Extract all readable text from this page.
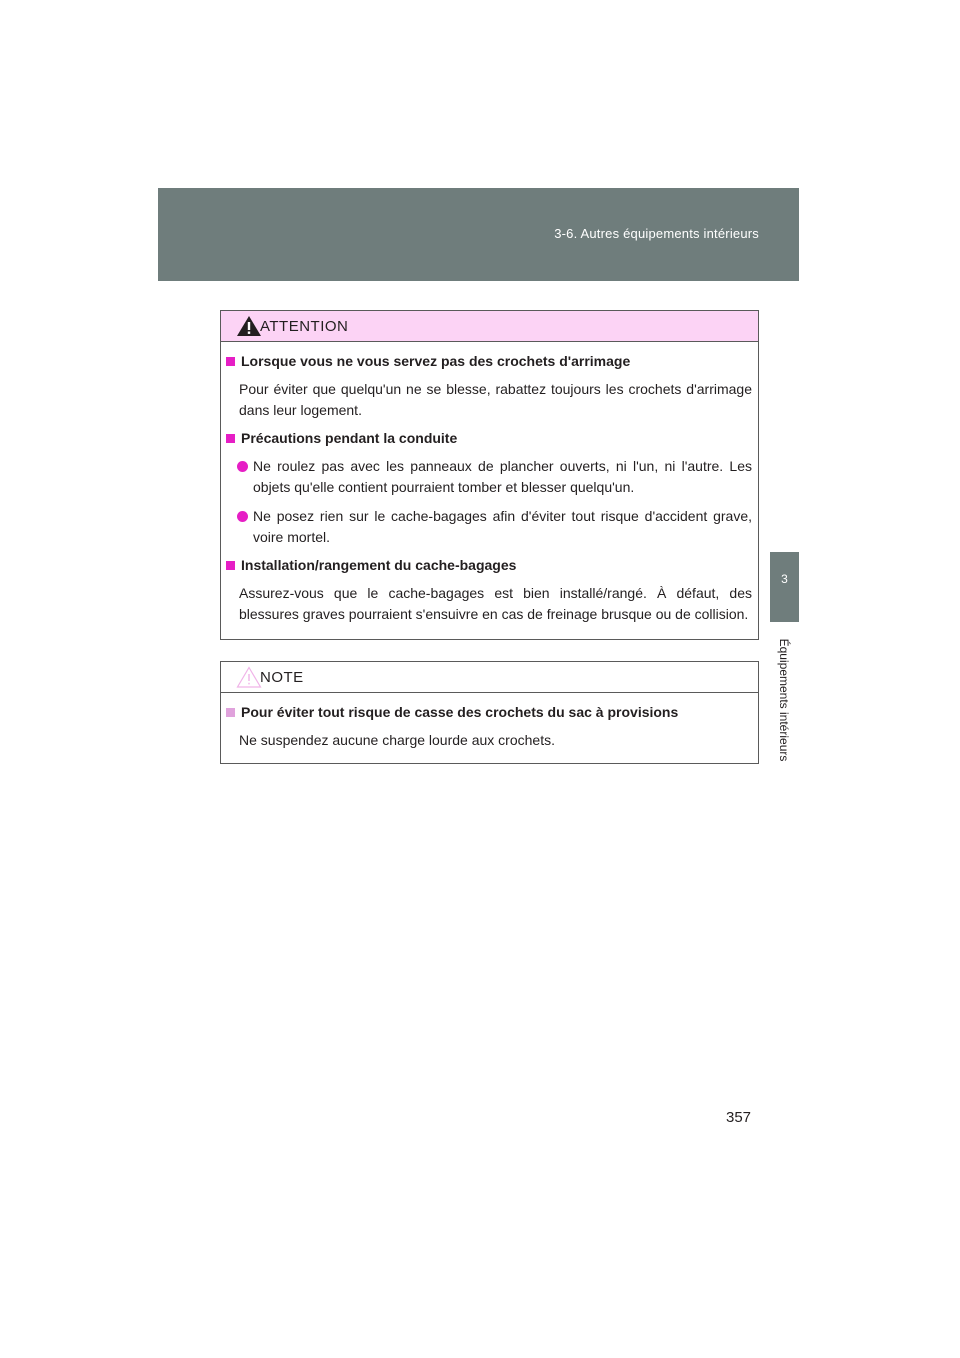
3-6. Autres équipements intérieurs
3
Équipements intérieurs
ATTENTION
Lorsque vous ne vous servez pas des crochets d'arrimage
Pour éviter que quelqu'un ne se blesse, rabattez toujours les crochets d'arrimage dans leur logement.
Précautions pendant la conduite
Ne roulez pas avec les panneaux de plancher ouverts, ni l'un, ni l'autre. Les objets qu'elle contient pourraient tomber et blesser quelqu'un.
Ne posez rien sur le cache-bagages afin d'éviter tout risque d'accident grave, voire mortel.
Installation/rangement du cache-bagages
Assurez-vous que le cache-bagages est bien installé/rangé. À défaut, des blessures graves pourraient s'ensuivre en cas de freinage brusque ou de collision.
NOTE
Pour éviter tout risque de casse des crochets du sac à provisions
Ne suspendez aucune charge lourde aux crochets.
357
